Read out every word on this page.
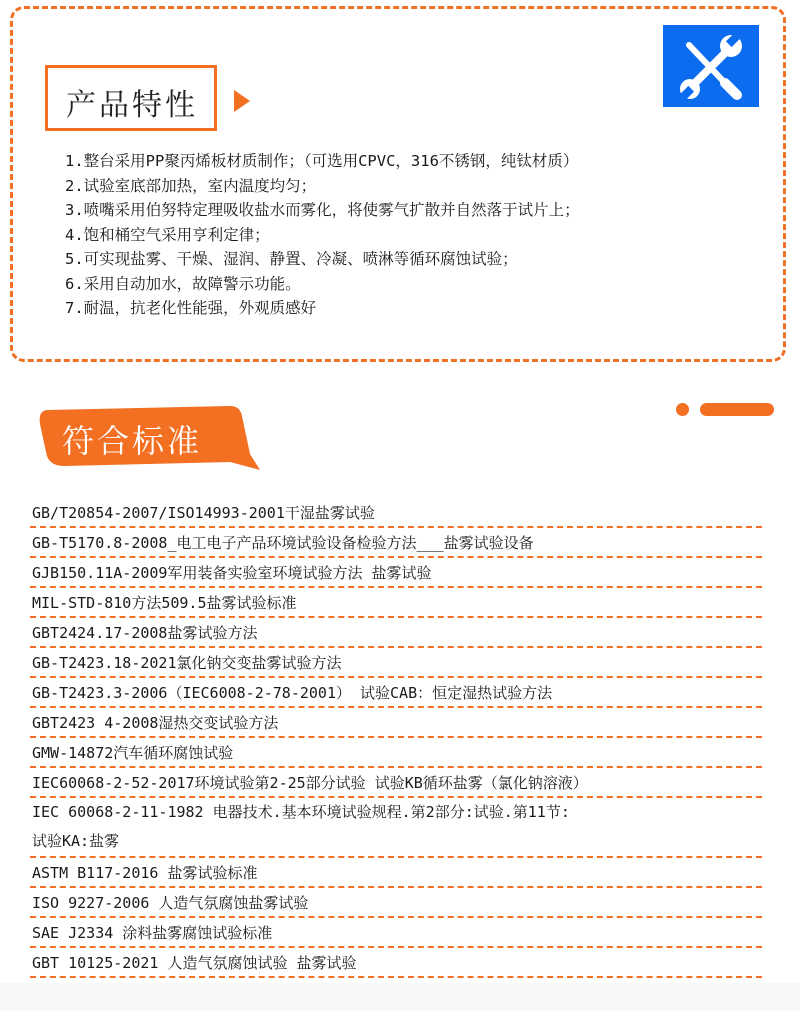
产品特性
1.整台采用PP聚丙烯板材质制作；（可选用CPVC，316不锈钢，纯钛材质）
2.试验室底部加热，室内温度均匀；
3.喷嘴采用伯努特定理吸收盐水而雾化，将使雾气扩散并自然落于试片上；
4.饱和桶空气采用亨利定律；
5.可实现盐雾、干燥、湿润、静置、冷凝、喷淋等循环腐蚀试验；
6.采用自动加水，故障警示功能。
7.耐温，抗老化性能强，外观质感好
符合标准
GB/T20854-2007/ISO14993-2001干湿盐雾试验
GB-T5170.8-2008_电工电子产品环境试验设备检验方法___盐雾试验设备
GJB150.11A-2009军用装备实验室环境试验方法 盐雾试验
MIL-STD-810方法509.5盐雾试验标准
GBT2424.17-2008盐雾试验方法
GB-T2423.18-2021氯化钠交变盐雾试验方法
GB-T2423.3-2006（IEC6008-2-78-2001） 试验CAB：恒定湿热试验方法
GBT2423 4-2008湿热交变试验方法
GMW-14872汽车循环腐蚀试验
IEC60068-2-52-2017环境试验第2-25部分试验 试验KB循环盐雾（氯化钠溶液）
IEC 60068-2-11-1982 电器技术.基本环境试验规程.第2部分:试验.第11节:
试验KA:盐雾
ASTM B117-2016 盐雾试验标准
ISO 9227-2006 人造气氛腐蚀盐雾试验
SAE J2334 涂料盐雾腐蚀试验标准
GBT 10125-2021 人造气氛腐蚀试验 盐雾试验
